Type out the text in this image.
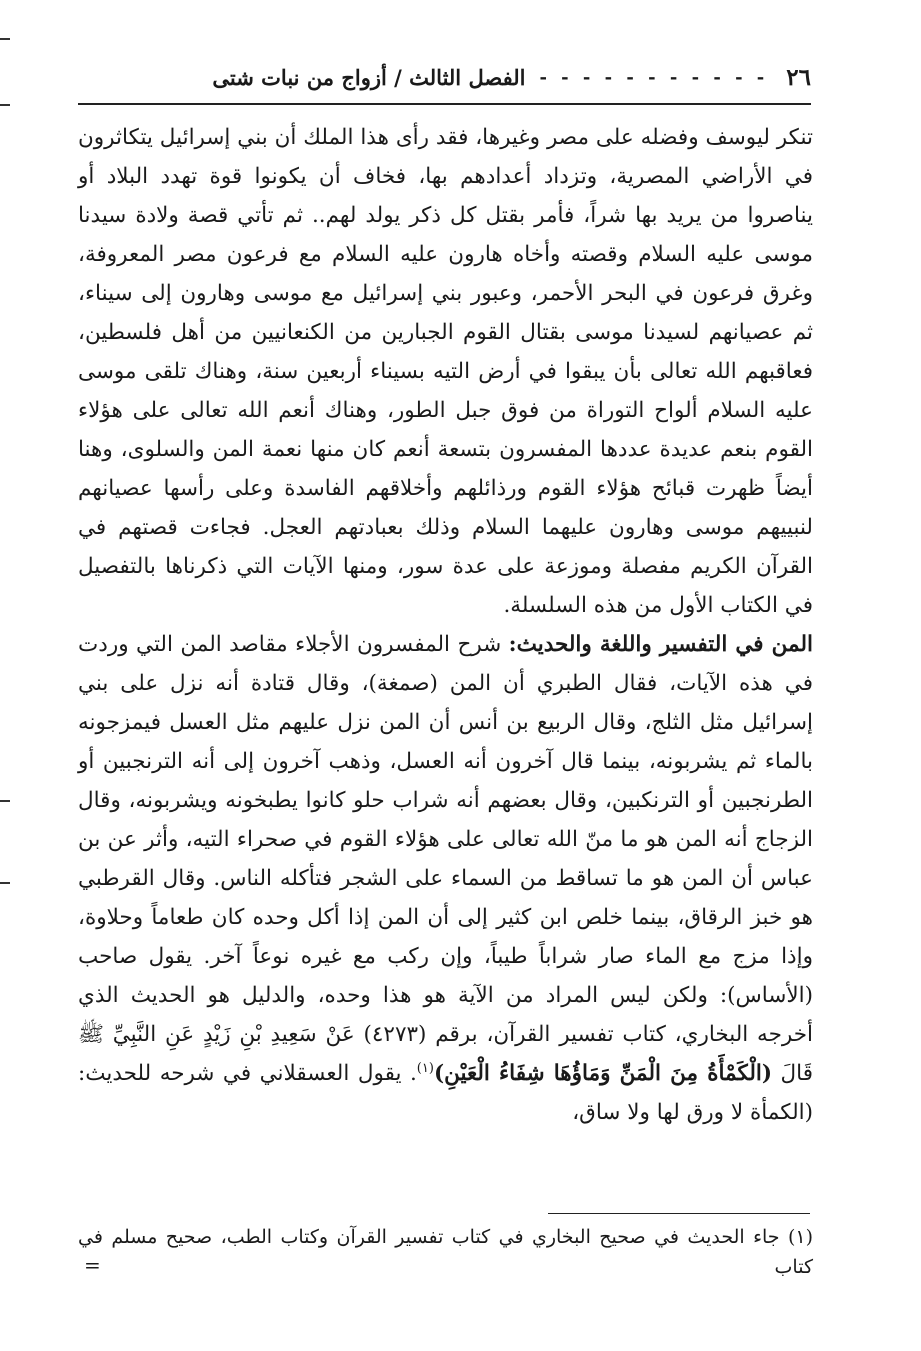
٢٦
- - - - - - - - - - -
الفصل الثالث / أزواج من نبات شتى

تنكر ليوسف وفضله على مصر وغيرها، فقد رأى هذا الملك أن بني إسرائيل يتكاثرون في الأراضي المصرية، وتزداد أعدادهم بها، فخاف أن يكونوا قوة تهدد البلاد أو يناصروا من يريد بها شراً، فأمر بقتل كل ذكر يولد لهم.. ثم تأتي قصة ولادة سيدنا موسى عليه السلام وقصته وأخاه هارون عليه السلام مع فرعون مصر المعروفة، وغرق فرعون في البحر الأحمر، وعبور بني إسرائيل مع موسى وهارون إلى سيناء، ثم عصيانهم لسيدنا موسى بقتال القوم الجبارين من الكنعانيين من أهل فلسطين، فعاقبهم الله تعالى بأن يبقوا في أرض التيه بسيناء أربعين سنة، وهناك تلقى موسى عليه السلام ألواح التوراة من فوق جبل الطور، وهناك أنعم الله تعالى على هؤلاء القوم بنعم عديدة عددها المفسرون بتسعة أنعم كان منها نعمة المن والسلوى، وهنا أيضاً ظهرت قبائح هؤلاء القوم ورذائلهم وأخلاقهم الفاسدة وعلى رأسها عصيانهم لنبييهم موسى وهارون عليهما السلام وذلك بعبادتهم العجل. فجاءت قصتهم في القرآن الكريم مفصلة وموزعة على عدة سور، ومنها الآيات التي ذكرناها بالتفصيل في الكتاب الأول من هذه السلسلة.

المن في التفسير واللغة والحديث: شرح المفسرون الأجلاء مقاصد المن التي وردت في هذه الآيات، فقال الطبري أن المن (صمغة)، وقال قتادة أنه نزل على بني إسرائيل مثل الثلج، وقال الربيع بن أنس أن المن نزل عليهم مثل العسل فيمزجونه بالماء ثم يشربونه، بينما قال آخرون أنه العسل، وذهب آخرون إلى أنه الترنجبين أو الطرنجبين أو الترنكبين، وقال بعضهم أنه شراب حلو كانوا يطبخونه ويشربونه، وقال الزجاج أنه المن هو ما منّ الله تعالى على هؤلاء القوم في صحراء التيه، وأثر عن بن عباس أن المن هو ما تساقط من السماء على الشجر فتأكله الناس. وقال القرطبي هو خبز الرقاق، بينما خلص ابن كثير إلى أن المن إذا أكل وحده كان طعاماً وحلاوة، وإذا مزج مع الماء صار شراباً طيباً، وإن ركب مع غيره نوعاً آخر. يقول صاحب (الأساس): ولكن ليس المراد من الآية هو هذا وحده، والدليل هو الحديث الذي أخرجه البخاري، كتاب تفسير القرآن، برقم (٤٢٧٣) عَنْ سَعِيدِ بْنِ زَيْدٍ عَنِ النَّبِيِّ ﷺ قَالَ (الْكَمْأَةُ مِنَ الْمَنِّ وَمَاؤُهَا شِفَاءُ الْعَيْنِ)$^{(١)}$. يقول العسقلاني في شرحه للحديث: (الكمأة لا ورق لها ولا ساق،

(١) جاء الحديث في صحيح البخاري في كتاب تفسير القرآن وكتاب الطب، صحيح مسلم في كتاب
=
